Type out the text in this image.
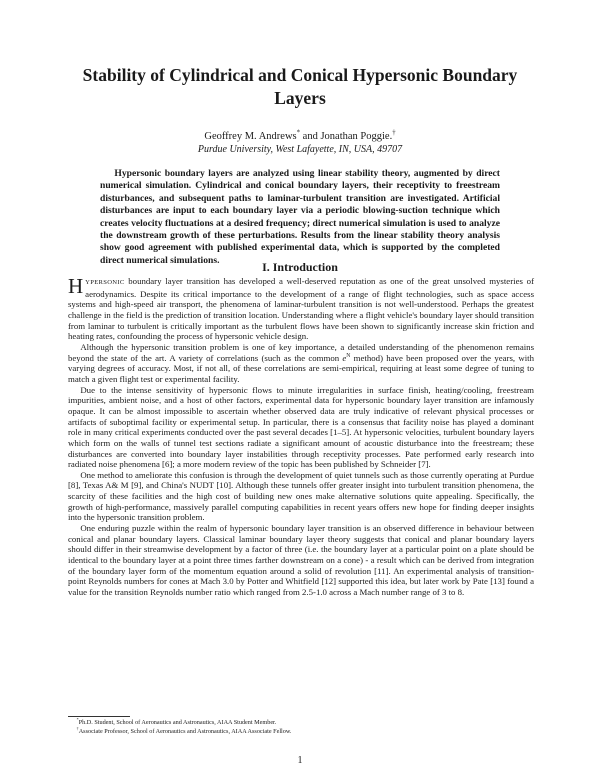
Stability of Cylindrical and Conical Hypersonic Boundary Layers
Geoffrey M. Andrews* and Jonathan Poggie.†
Purdue University, West Lafayette, IN, USA, 49707

Hypersonic boundary layers are analyzed using linear stability theory, augmented by direct numerical simulation. Cylindrical and conical boundary layers, their receptivity to freestream disturbances, and subsequent paths to laminar-turbulent transition are investigated. Artificial disturbances are input to each boundary layer via a periodic blowing-suction technique which creates velocity fluctuations at a desired frequency; direct numerical simulation is used to analyze the downstream growth of these perturbations. Results from the linear stability theory analysis show good agreement with published experimental data, which is supported by the completed direct numerical simulations.	I. Introduction

HYPERSONIC boundary layer transition has developed a well-deserved reputation as one of the great unsolved mysteries of aerodynamics. Despite its critical importance to the development of a range of flight technologies, such as space access systems and high-speed air transport, the phenomena of laminar-turbulent transition is not well-understood. Perhaps the greatest challenge in the field is the prediction of transition location. Understanding where a flight vehicle's boundary layer should transition from laminar to turbulent is critically important as the turbulent flows have been shown to significantly increase skin friction and heating rates, confounding the process of hypersonic vehicle design.

Although the hypersonic transition problem is one of key importance, a detailed understanding of the phenomenon remains beyond the state of the art. A variety of correlations (such as the common $e^N$ method) have been proposed over the years, with varying degrees of accuracy. Most, if not all, of these correlations are semi-empirical, requiring at least some degree of tuning to match a given flight test or experimental facility.

Due to the intense sensitivity of hypersonic flows to minute irregularities in surface finish, heating/cooling, freestream impurities, ambient noise, and a host of other factors, experimental data for hypersonic boundary layer transition are infamously opaque. It can be almost impossible to ascertain whether observed data are truly indicative of relevant physical processes or artifacts of suboptimal facility or experimental setup. In particular, there is a consensus that facility noise has played a dominant role in many critical experiments conducted over the past several decades [1–5]. At hypersonic velocities, turbulent boundary layers which form on the walls of tunnel test sections radiate a significant amount of acoustic disturbance into the freestream; these disturbances are converted into boundary layer instabilities through receptivity processes. Pate performed early research into radiated noise phenomena [6]; a more modern review of the topic has been published by Schneider [7].

One method to ameliorate this confusion is through the development of quiet tunnels such as those currently operating at Purdue [8], Texas A& M [9], and China's NUDT [10]. Although these tunnels offer greater insight into turbulent transition phenomena, the scarcity of these facilities and the high cost of building new ones make alternative solutions quite appealing. Specifically, the growth of high-performance, massively parallel computing capabilities in recent years offers new hope for finding deeper insights into the hypersonic transition problem.

One enduring puzzle within the realm of hypersonic boundary layer transition is an observed difference in behaviour between conical and planar boundary layers. Classical laminar boundary layer theory suggests that conical and planar boundary layers should differ in their streamwise development by a factor of three (i.e. the boundary layer at a particular point on a plate should be identical to the boundary layer at a point three times farther downstream on a cone) - a result which can be derived from integration of the boundary layer form of the momentum equation around a solid of revolution [11]. An experimental analysis of transition-point Reynolds numbers for cones at Mach 3.0 by Potter and Whitfield [12] supported this idea, but later work by Pate [13] found a value for the transition Reynolds number ratio which ranged from 2.5-1.0 across a Mach number range of 3 to 8.

*Ph.D. Student, School of Aeronautics and Astronautics, AIAA Student Member.

†Associate Professor, School of Aeronautics and Astronautics, AIAA Associate Fellow.

1
